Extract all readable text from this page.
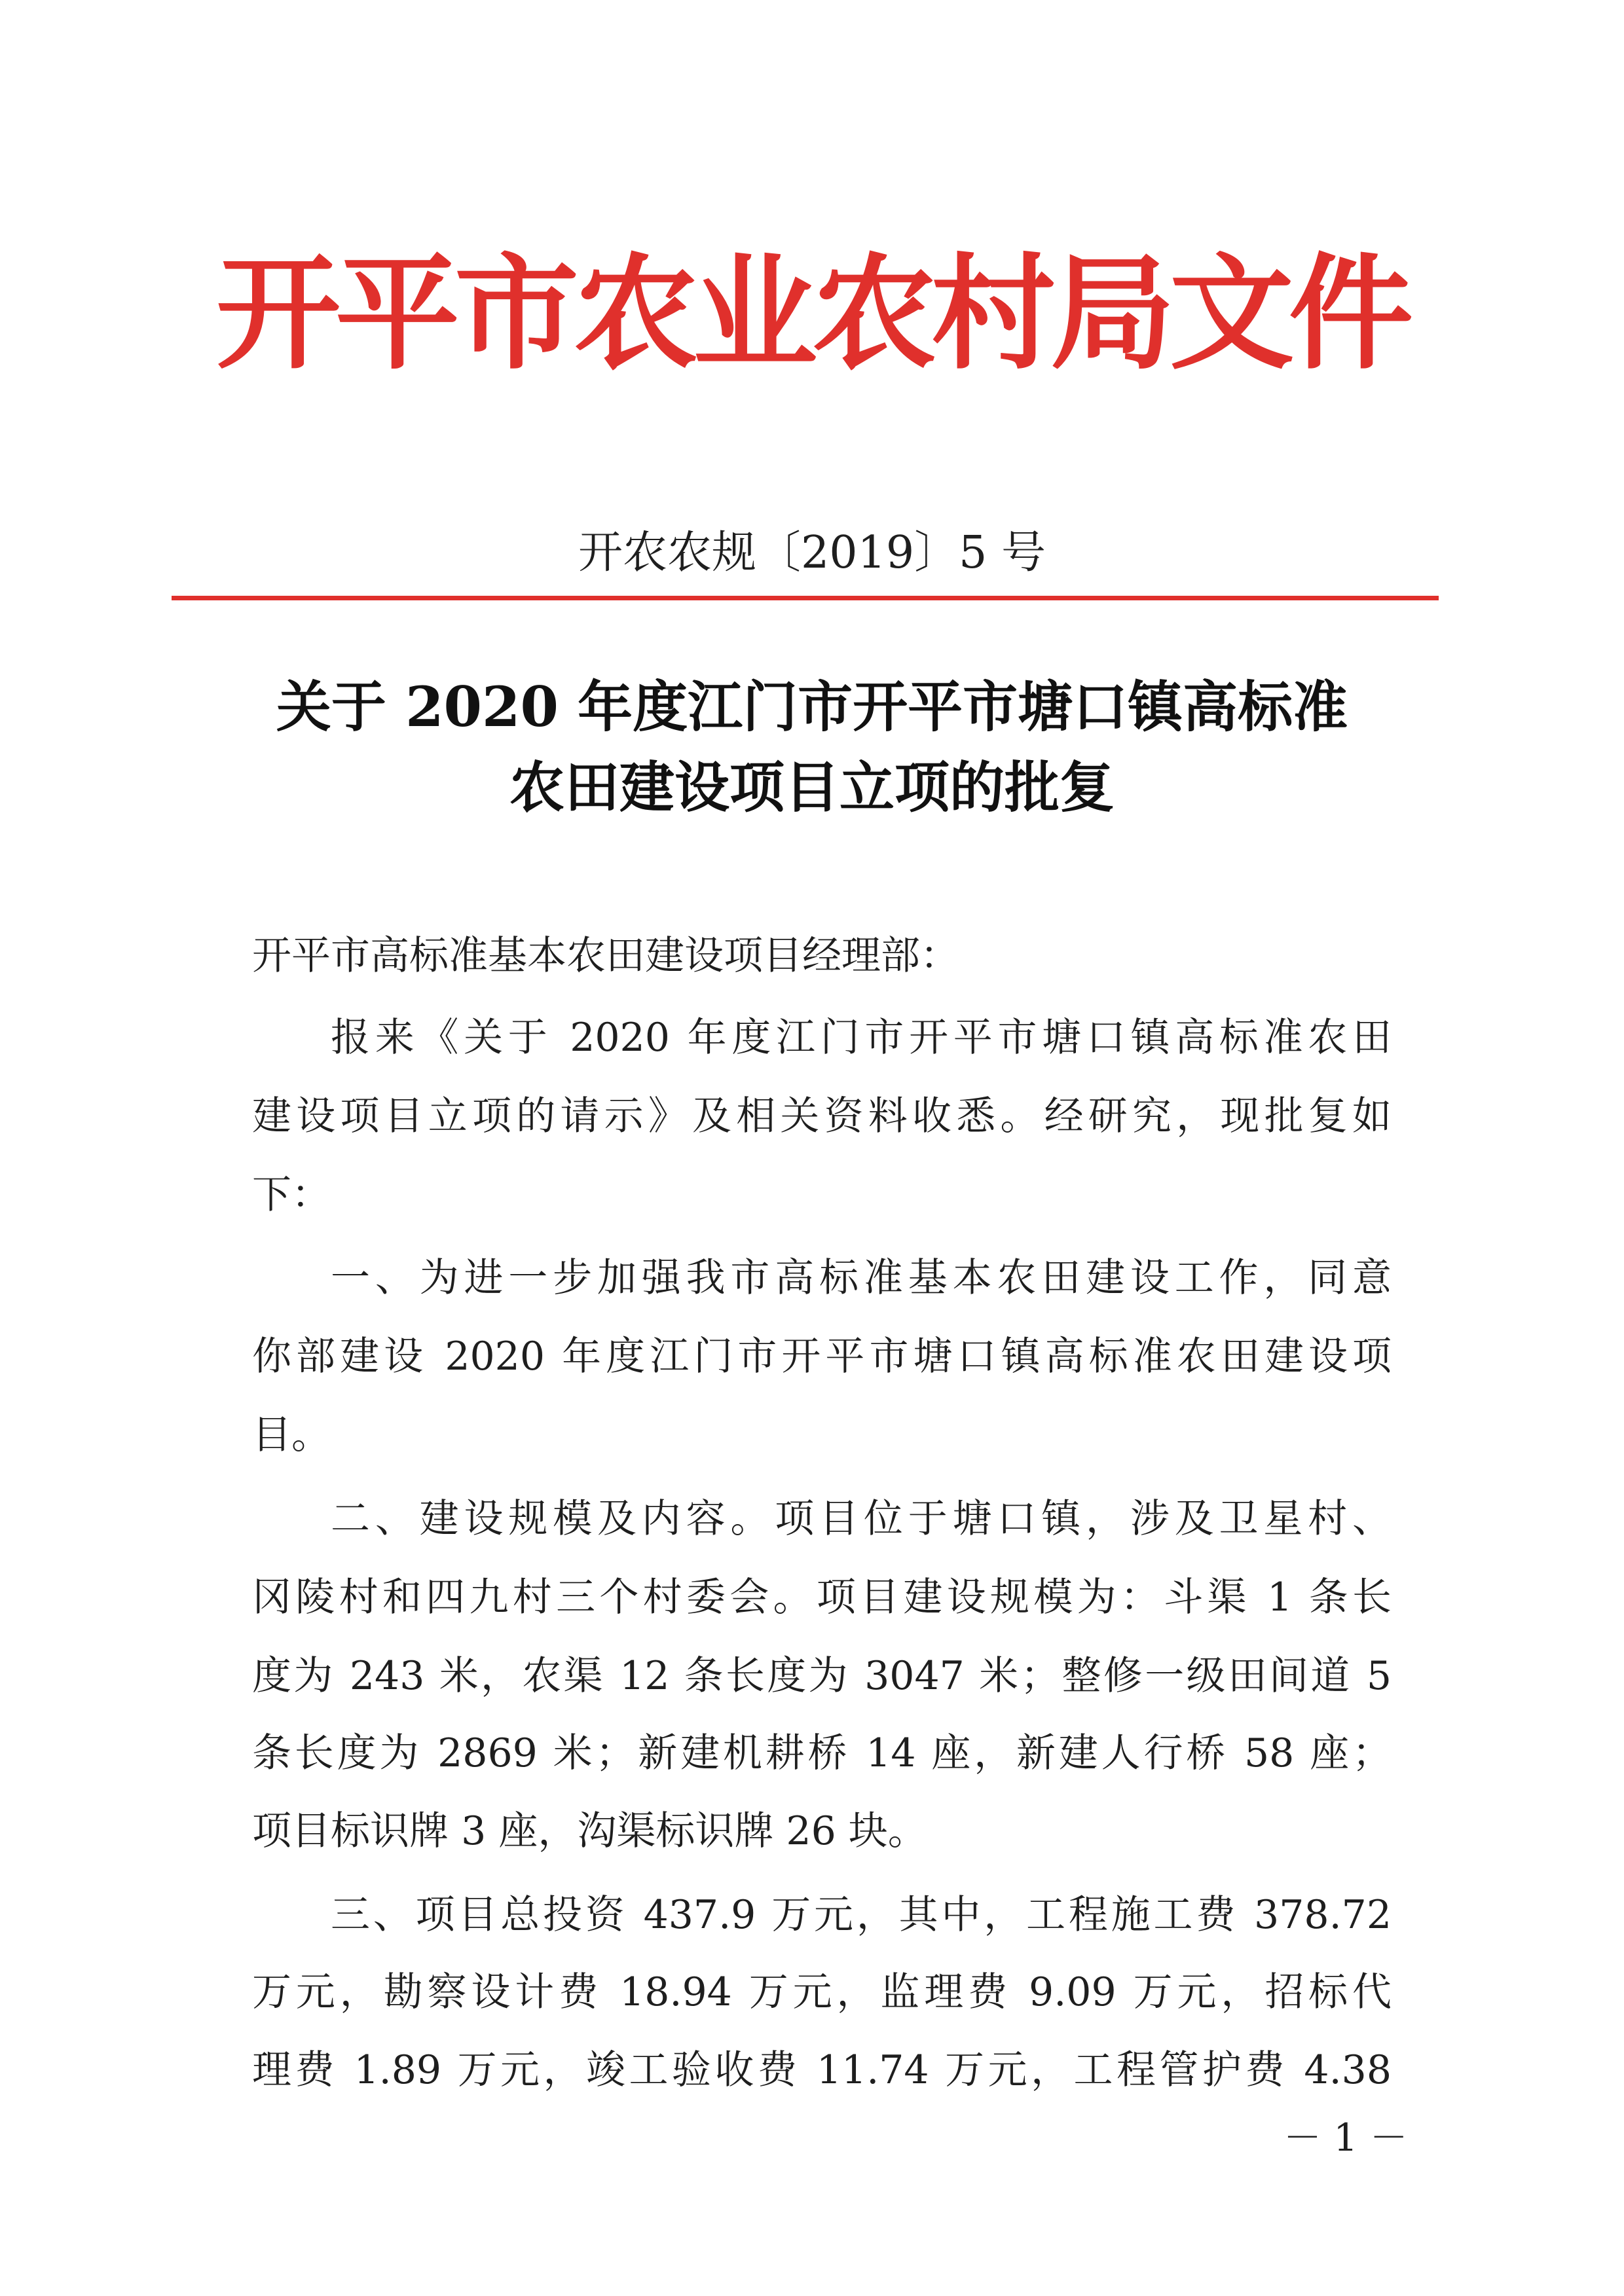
开平市农业农村局文件
开农农规〔2019〕5 号
关于 2020 年度江门市开平市塘口镇高标准
农田建设项目立项的批复
开平市高标准基本农田建设项目经理部：
报来《关于 2020 年度江门市开平市塘口镇高标准农田
建设项目立项的请示》及相关资料收悉。经研究，现批复如
下：
一、为进一步加强我市高标准基本农田建设工作，同意
你部建设 2020 年度江门市开平市塘口镇高标准农田建设项
目。
二、建设规模及内容。项目位于塘口镇，涉及卫星村、
冈陵村和四九村三个村委会。项目建设规模为：斗渠 1 条长
度为 243 米，农渠 12 条长度为 3047 米；整修一级田间道 5
条长度为 2869 米；新建机耕桥 14 座，新建人行桥 58 座；
项目标识牌 3 座，沟渠标识牌 26 块。
三、项目总投资 437.9 万元，其中，工程施工费 378.72
万元，勘察设计费 18.94 万元，监理费 9.09 万元，招标代
理费 1.89 万元，竣工验收费 11.74 万元，工程管护费 4.38
－ 1 －
